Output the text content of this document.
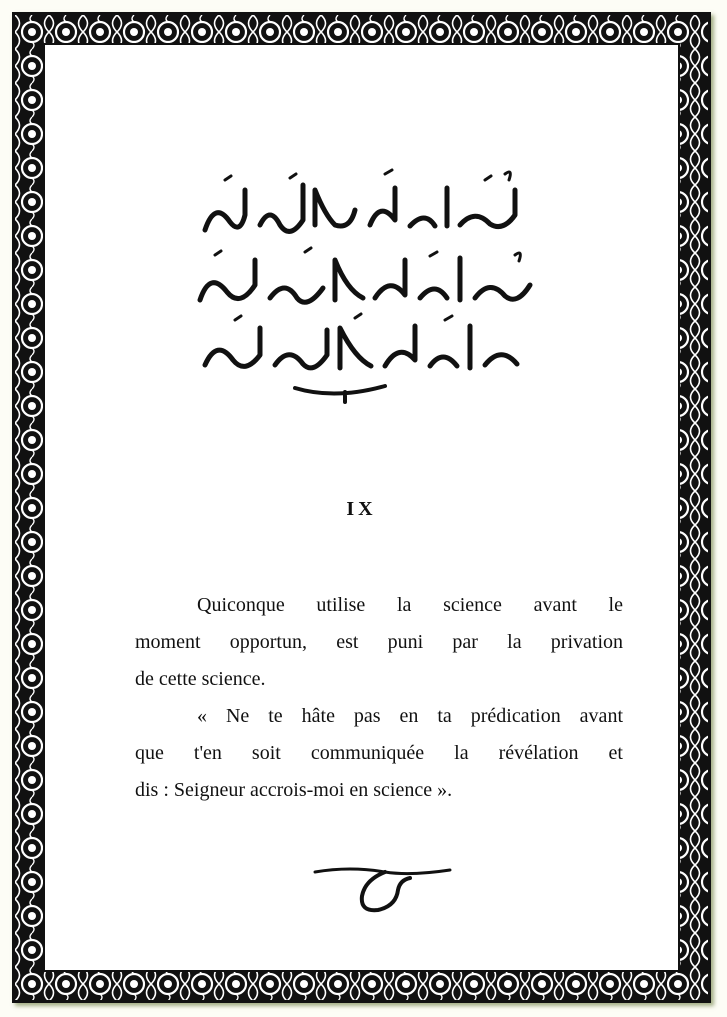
IX
Quiconque utilise la science avant le
moment opportun, est puni par la privation
de cette science.
« Ne te hâte pas en ta prédication avant
que t'en soit communiquée la révélation et
dis : Seigneur accrois-moi en science ».
